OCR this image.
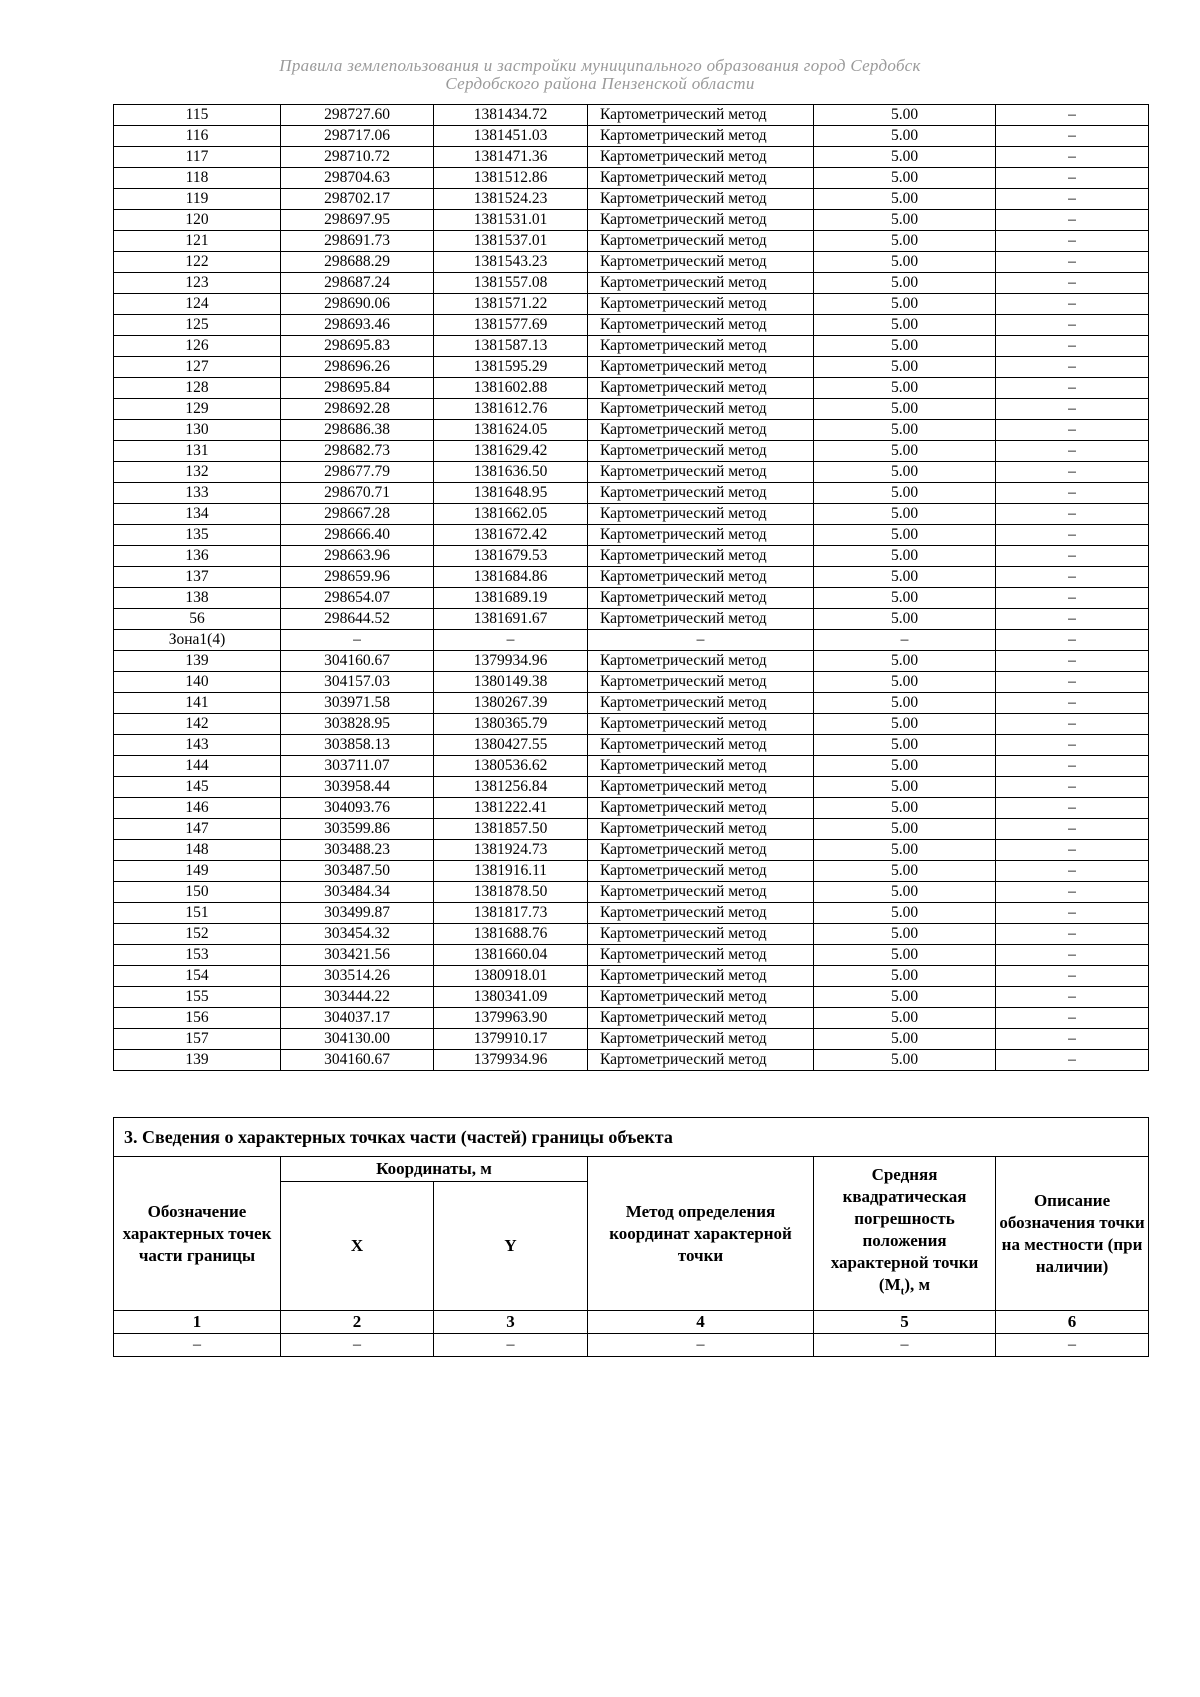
Правила землепользования и застройки муниципального образования город Сердобск
Сердобского района Пензенской области
115	298727.60	1381434.72	Картометрический метод	5.00	–
116	298717.06	1381451.03	Картометрический метод	5.00	–
117	298710.72	1381471.36	Картометрический метод	5.00	–
118	298704.63	1381512.86	Картометрический метод	5.00	–
119	298702.17	1381524.23	Картометрический метод	5.00	–
120	298697.95	1381531.01	Картометрический метод	5.00	–
121	298691.73	1381537.01	Картометрический метод	5.00	–
122	298688.29	1381543.23	Картометрический метод	5.00	–
123	298687.24	1381557.08	Картометрический метод	5.00	–
124	298690.06	1381571.22	Картометрический метод	5.00	–
125	298693.46	1381577.69	Картометрический метод	5.00	–
126	298695.83	1381587.13	Картометрический метод	5.00	–
127	298696.26	1381595.29	Картометрический метод	5.00	–
128	298695.84	1381602.88	Картометрический метод	5.00	–
129	298692.28	1381612.76	Картометрический метод	5.00	–
130	298686.38	1381624.05	Картометрический метод	5.00	–
131	298682.73	1381629.42	Картометрический метод	5.00	–
132	298677.79	1381636.50	Картометрический метод	5.00	–
133	298670.71	1381648.95	Картометрический метод	5.00	–
134	298667.28	1381662.05	Картометрический метод	5.00	–
135	298666.40	1381672.42	Картометрический метод	5.00	–
136	298663.96	1381679.53	Картометрический метод	5.00	–
137	298659.96	1381684.86	Картометрический метод	5.00	–
138	298654.07	1381689.19	Картометрический метод	5.00	–
56	298644.52	1381691.67	Картометрический метод	5.00	–
Зона1(4)	–	–	–	–	–
139	304160.67	1379934.96	Картометрический метод	5.00	–
140	304157.03	1380149.38	Картометрический метод	5.00	–
141	303971.58	1380267.39	Картометрический метод	5.00	–
142	303828.95	1380365.79	Картометрический метод	5.00	–
143	303858.13	1380427.55	Картометрический метод	5.00	–
144	303711.07	1380536.62	Картометрический метод	5.00	–
145	303958.44	1381256.84	Картометрический метод	5.00	–
146	304093.76	1381222.41	Картометрический метод	5.00	–
147	303599.86	1381857.50	Картометрический метод	5.00	–
148	303488.23	1381924.73	Картометрический метод	5.00	–
149	303487.50	1381916.11	Картометрический метод	5.00	–
150	303484.34	1381878.50	Картометрический метод	5.00	–
151	303499.87	1381817.73	Картометрический метод	5.00	–
152	303454.32	1381688.76	Картометрический метод	5.00	–
153	303421.56	1381660.04	Картометрический метод	5.00	–
154	303514.26	1380918.01	Картометрический метод	5.00	–
155	303444.22	1380341.09	Картометрический метод	5.00	–
156	304037.17	1379963.90	Картометрический метод	5.00	–
157	304130.00	1379910.17	Картометрический метод	5.00	–
139	304160.67	1379934.96	Картометрический метод	5.00	–
3. Сведения о характерных точках части (частей) границы объекта					
Обозначение характерных точек части границы	Координаты, м		Метод определения координат характерной точки	Средняя квадратическая погрешность положения характерной точки $(M_t)$, м	Описание обозначения точки на местности (при наличии)
	X	Y			
1	2	3	4	5	6
–	–	–	–	–	–
